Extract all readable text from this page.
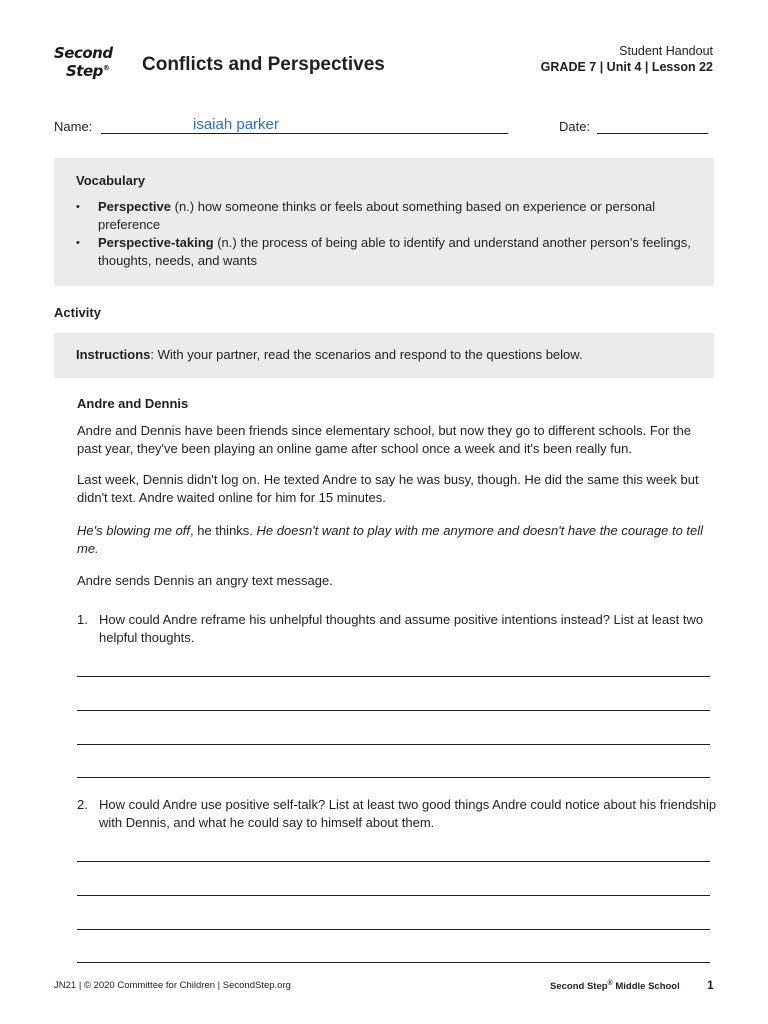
Second
Step®	Conflicts and Perspectives
Student Handout
GRADE 7 | Unit 4 | Lesson 22
Name:	isaiah parker	Date:
Vocabulary
• Perspective (n.) how someone thinks or feels about something based on experience or personal preference
• Perspective-taking (n.) the process of being able to identify and understand another person's feelings, thoughts, needs, and wants
Activity
Instructions: With your partner, read the scenarios and respond to the questions below.
Andre and Dennis
Andre and Dennis have been friends since elementary school, but now they go to different schools. For the past year, they've been playing an online game after school once a week and it's been really fun.
Last week, Dennis didn't log on. He texted Andre to say he was busy, though. He did the same this week but didn't text. Andre waited online for him for 15 minutes.
He's blowing me off, he thinks. He doesn't want to play with me anymore and doesn't have the courage to tell me.
Andre sends Dennis an angry text message.
1. How could Andre reframe his unhelpful thoughts and assume positive intentions instead? List at least two helpful thoughts.
2. How could Andre use positive self-talk? List at least two good things Andre could notice about his friendship with Dennis, and what he could say to himself about them.
JN21 | © 2020 Committee for Children | SecondStep.org	Second Step® Middle School 1
